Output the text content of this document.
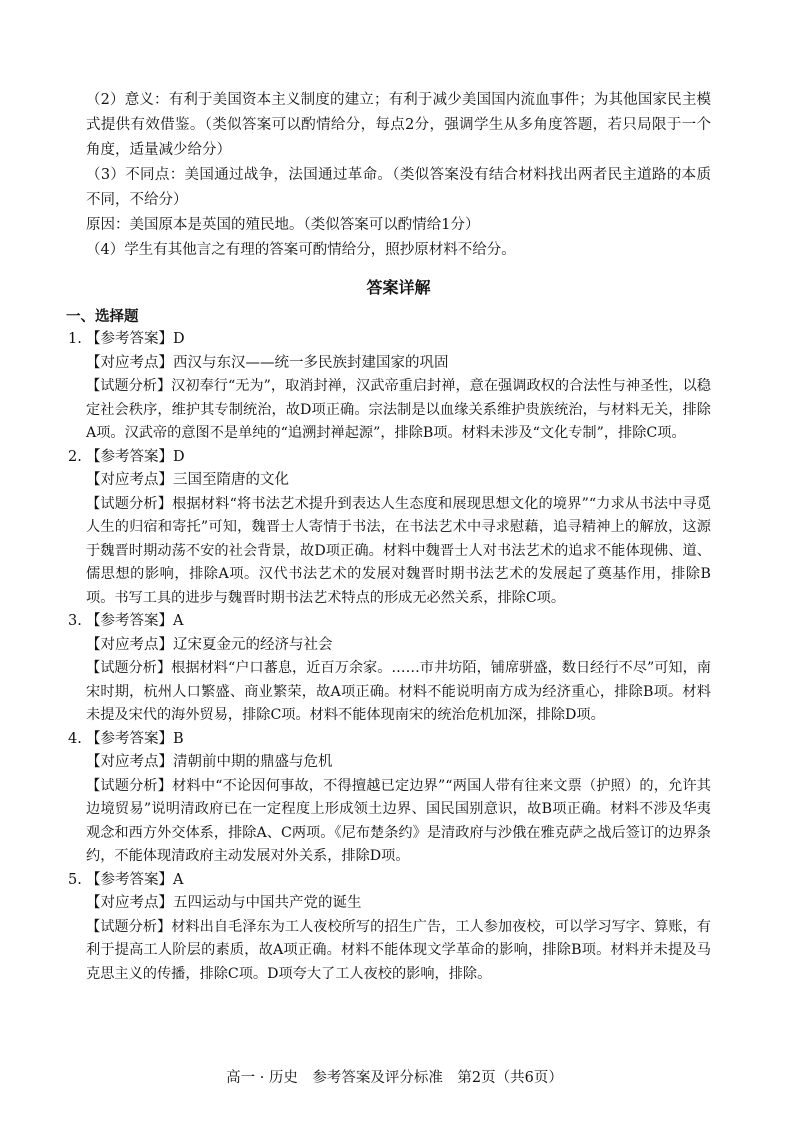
（2）意义：有利于美国资本主义制度的建立；有利于减少美国国内流血事件；为其他国家民主模式提供有效借鉴。（类似答案可以酌情给分，每点2分，强调学生从多角度答题，若只局限于一个角度，适量减少给分）

（3）不同点：美国通过战争，法国通过革命。（类似答案没有结合材料找出两者民主道路的本质不同，不给分）

原因：美国原本是英国的殖民地。（类似答案可以酌情给1分）

（4）学生有其他言之有理的答案可酌情给分，照抄原材料不给分。

答案详解
一、选择题
1. 【参考答案】D
【对应考点】西汉与东汉——统一多民族封建国家的巩固
【试题分析】汉初奉行“无为”，取消封禅，汉武帝重启封禅，意在强调政权的合法性与神圣性，以稳定社会秩序，维护其专制统治，故D项正确。宗法制是以血缘关系维护贵族统治，与材料无关，排除A项。汉武帝的意图不是单纯的“追溯封禅起源”，排除B项。材料未涉及“文化专制”，排除C项。
2. 【参考答案】D
【对应考点】三国至隋唐的文化
【试题分析】根据材料“将书法艺术提升到表达人生态度和展现思想文化的境界”“力求从书法中寻觅人生的归宿和寄托”可知，魏晋士人寄情于书法，在书法艺术中寻求慰藉，追寻精神上的解放，这源于魏晋时期动荡不安的社会背景，故D项正确。材料中魏晋士人对书法艺术的追求不能体现佛、道、儒思想的影响，排除A项。汉代书法艺术的发展对魏晋时期书法艺术的发展起了奠基作用，排除B项。书写工具的进步与魏晋时期书法艺术特点的形成无必然关系，排除C项。
3. 【参考答案】A
【对应考点】辽宋夏金元的经济与社会
【试题分析】根据材料“户口蕃息，近百万余家。……市井坊陌，铺席骈盛，数日经行不尽”可知，南宋时期，杭州人口繁盛、商业繁荣，故A项正确。材料不能说明南方成为经济重心，排除B项。材料未提及宋代的海外贸易，排除C项。材料不能体现南宋的统治危机加深，排除D项。
4. 【参考答案】B
【对应考点】清朝前中期的鼎盛与危机
【试题分析】材料中“不论因何事故，不得擅越已定边界”“两国人带有往来文票（护照）的，允许其边境贸易”说明清政府已在一定程度上形成领土边界、国民国别意识，故B项正确。材料不涉及华夷观念和西方外交体系，排除A、C两项。《尼布楚条约》是清政府与沙俄在雅克萨之战后签订的边界条约，不能体现清政府主动发展对外关系，排除D项。
5. 【参考答案】A
【对应考点】五四运动与中国共产党的诞生
【试题分析】材料出自毛泽东为工人夜校所写的招生广告，工人参加夜校，可以学习写字、算账，有利于提高工人阶层的素质，故A项正确。材料不能体现文学革命的影响，排除B项。材料并未提及马克思主义的传播，排除C项。D项夸大了工人夜校的影响，排除。
高一 · 历史　参考答案及评分标准　第2页（共6页）
